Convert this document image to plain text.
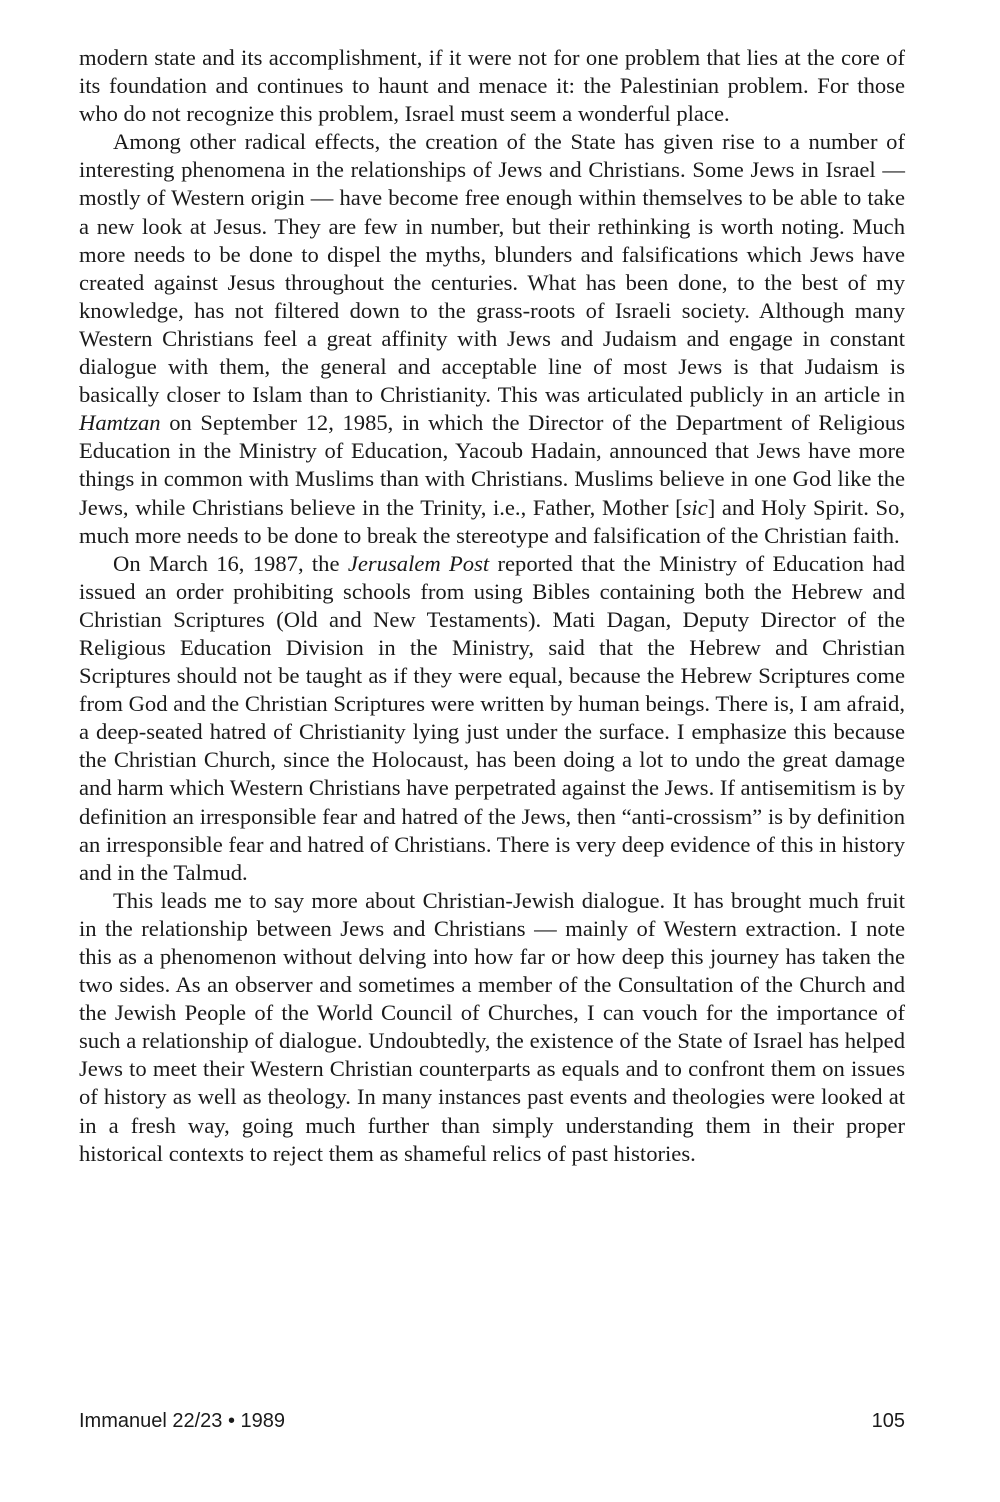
modern state and its accomplishment, if it were not for one problem that lies at the core of its foundation and continues to haunt and menace it: the Palestinian problem. For those who do not recognize this problem, Israel must seem a wonderful place.

Among other radical effects, the creation of the State has given rise to a number of interesting phenomena in the relationships of Jews and Christians. Some Jews in Israel — mostly of Western origin — have become free enough within themselves to be able to take a new look at Jesus. They are few in number, but their rethinking is worth noting. Much more needs to be done to dispel the myths, blunders and falsifications which Jews have created against Jesus throughout the centuries. What has been done, to the best of my knowledge, has not filtered down to the grass-roots of Israeli society. Although many Western Christians feel a great affinity with Jews and Judaism and engage in constant dialogue with them, the general and acceptable line of most Jews is that Judaism is basically closer to Islam than to Christianity. This was articulated publicly in an article in Hamtzan on September 12, 1985, in which the Director of the Department of Religious Education in the Ministry of Education, Yacoub Hadain, announced that Jews have more things in common with Muslims than with Christians. Muslims believe in one God like the Jews, while Christians believe in the Trinity, i.e., Father, Mother [sic] and Holy Spirit. So, much more needs to be done to break the stereotype and falsification of the Christian faith.

On March 16, 1987, the Jerusalem Post reported that the Ministry of Education had issued an order prohibiting schools from using Bibles containing both the Hebrew and Christian Scriptures (Old and New Testaments). Mati Dagan, Deputy Director of the Religious Education Division in the Ministry, said that the Hebrew and Christian Scriptures should not be taught as if they were equal, because the Hebrew Scriptures come from God and the Christian Scriptures were written by human beings. There is, I am afraid, a deep-seated hatred of Christianity lying just under the surface. I emphasize this because the Christian Church, since the Holocaust, has been doing a lot to undo the great damage and harm which Western Christians have perpetrated against the Jews. If antisemitism is by definition an irresponsible fear and hatred of the Jews, then “anti-crossism” is by definition an irresponsible fear and hatred of Christians. There is very deep evidence of this in history and in the Talmud.

This leads me to say more about Christian-Jewish dialogue. It has brought much fruit in the relationship between Jews and Christians — mainly of Western extraction. I note this as a phenomenon without delving into how far or how deep this journey has taken the two sides. As an observer and sometimes a member of the Consultation of the Church and the Jewish People of the World Council of Churches, I can vouch for the importance of such a relationship of dialogue. Undoubtedly, the existence of the State of Israel has helped Jews to meet their Western Christian counterparts as equals and to confront them on issues of history as well as theology. In many instances past events and theologies were looked at in a fresh way, going much further than simply understanding them in their proper historical contexts to reject them as shameful relics of past histories.

Immanuel 22/23 • 1989	105
